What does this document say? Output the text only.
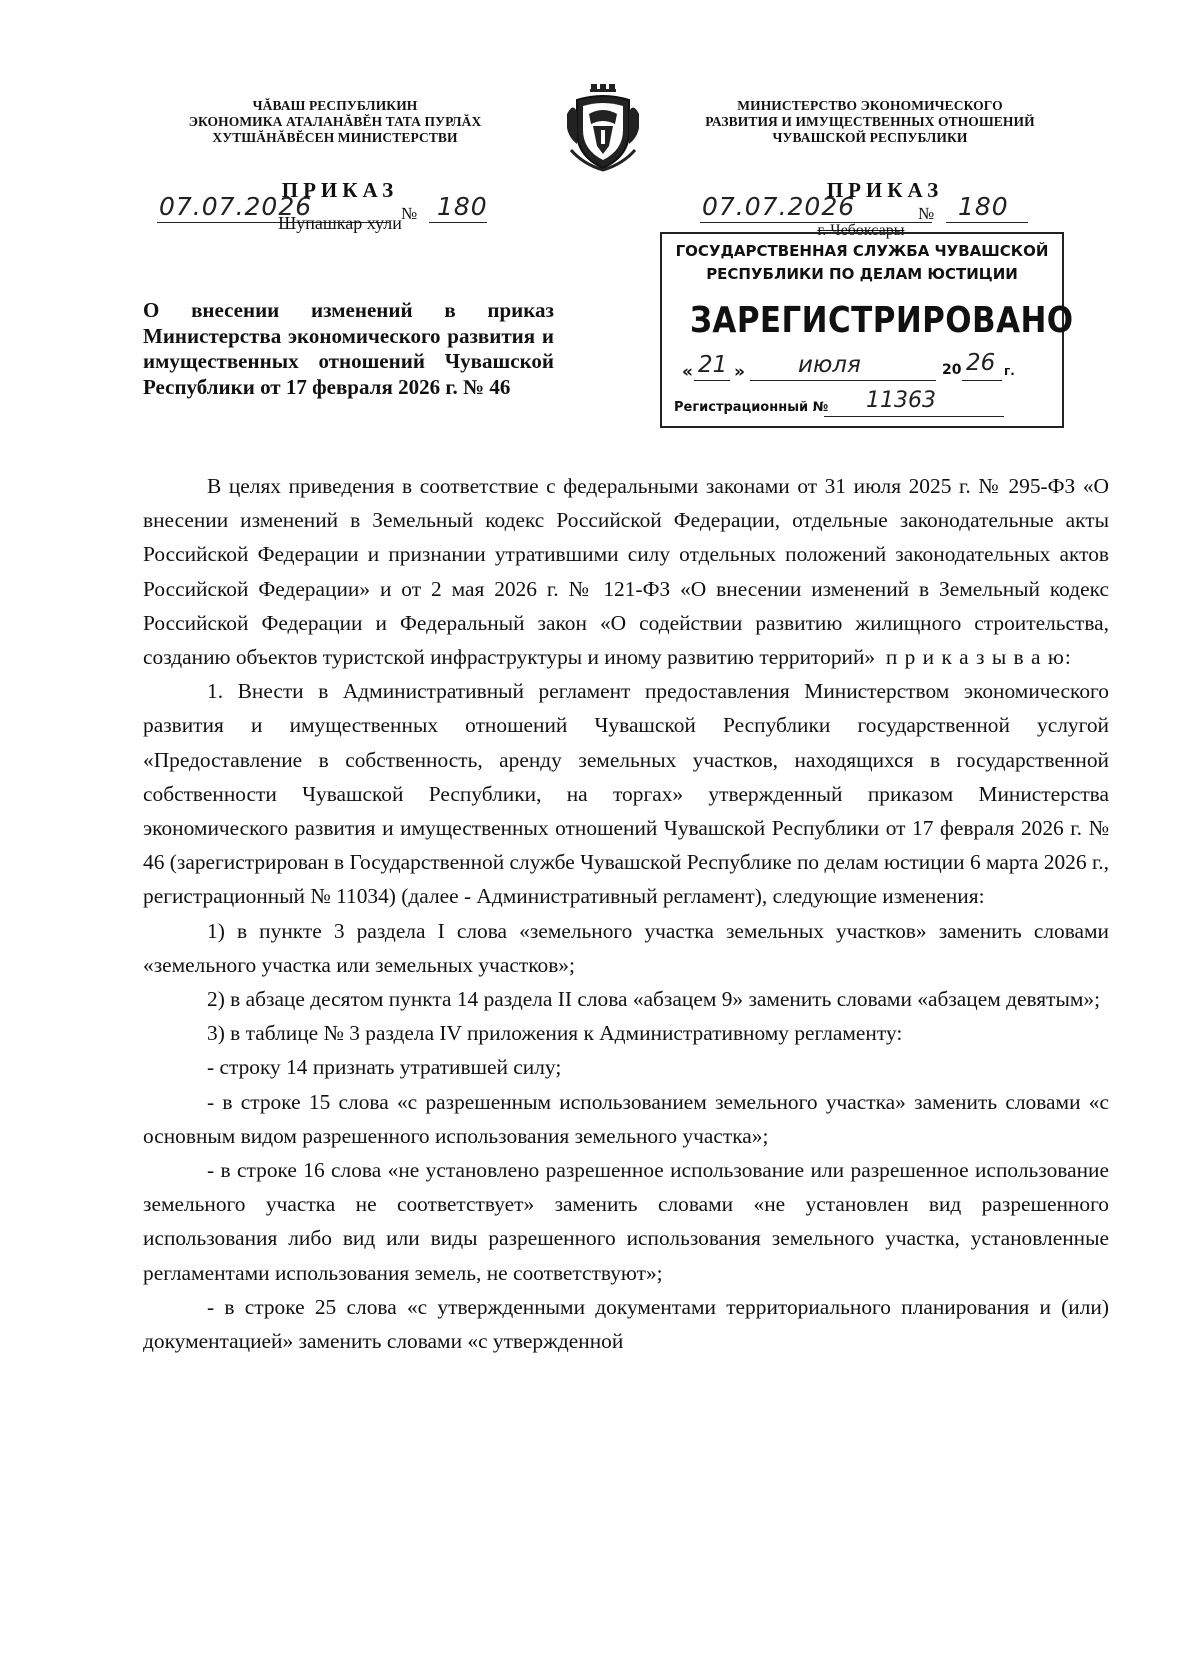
ЧĂВАШ РЕСПУБЛИКИН
ЭКОНОМИКА АТАЛАНĂВĔН ТАТА ПУРЛĂХ
ХУТШĂНĂВĔСЕН МИНИСТЕРСТВИ
МИНИСТЕРСТВО ЭКОНОМИЧЕСКОГО
РАЗВИТИЯ И ИМУЩЕСТВЕННЫХ ОТНОШЕНИЙ
ЧУВАШСКОЙ РЕСПУБЛИКИ
ПРИКАЗ
07.07.2026	№ 180
Шупашкар хули
ПРИКАЗ
07.07.2026	№ 180
г. Чебоксары
ГОСУДАРСТВЕННАЯ СЛУЖБА ЧУВАШСКОЙ
РЕСПУБЛИКИ ПО ДЕЛАМ ЮСТИЦИИ
ЗАРЕГИСТРИРОВАНО
« 21 » июля	20 26 г.
Регистрационный № 11363
О внесении изменений в приказ Министерства экономического развития и имущественных отношений Чувашской Республики от 17 февраля 2026 г. № 46

В целях приведения в соответствие с федеральными законами от 31 июля 2025 г. № 295-ФЗ «О внесении изменений в Земельный кодекс Российской Федерации, отдельные законодательные акты Российской Федерации и признании утратившими силу отдельных положений законодательных актов Российской Федерации» и от 2 мая 2026 г. № 121-ФЗ «О внесении изменений в Земельный кодекс Российской Федерации и Федеральный закон «О содействии развитию жилищного строительства, созданию объектов туристской инфраструктуры и иному развитию территорий» п р и к а з ы в а ю:

1. Внести в Административный регламент предоставления Министерством экономического развития и имущественных отношений Чувашской Республики государственной услугой «Предоставление в собственность, аренду земельных участков, находящихся в государственной собственности Чувашской Республики, на торгах» утвержденный приказом Министерства экономического развития и имущественных отношений Чувашской Республики от 17 февраля 2026 г. № 46 (зарегистрирован в Государственной службе Чувашской Республике по делам юстиции 6 марта 2026 г., регистрационный № 11034) (далее - Административный регламент), следующие изменения:

1) в пункте 3 раздела I слова «земельного участка земельных участков» заменить словами «земельного участка или земельных участков»;

2) в абзаце десятом пункта 14 раздела II слова «абзацем 9» заменить словами «абзацем девятым»;

3) в таблице № 3 раздела IV приложения к Административному регламенту:

- строку 14 признать утратившей силу;

- в строке 15 слова «с разрешенным использованием земельного участка» заменить словами «с основным видом разрешенного использования земельного участка»;

- в строке 16 слова «не установлено разрешенное использование или разрешенное использование земельного участка не соответствует» заменить словами «не установлен вид разрешенного использования либо вид или виды разрешенного использования земельного участка, установленные регламентами использования земель, не соответствуют»;

- в строке 25 слова «с утвержденными документами территориального планирования и (или) документацией» заменить словами «с утвержденной
